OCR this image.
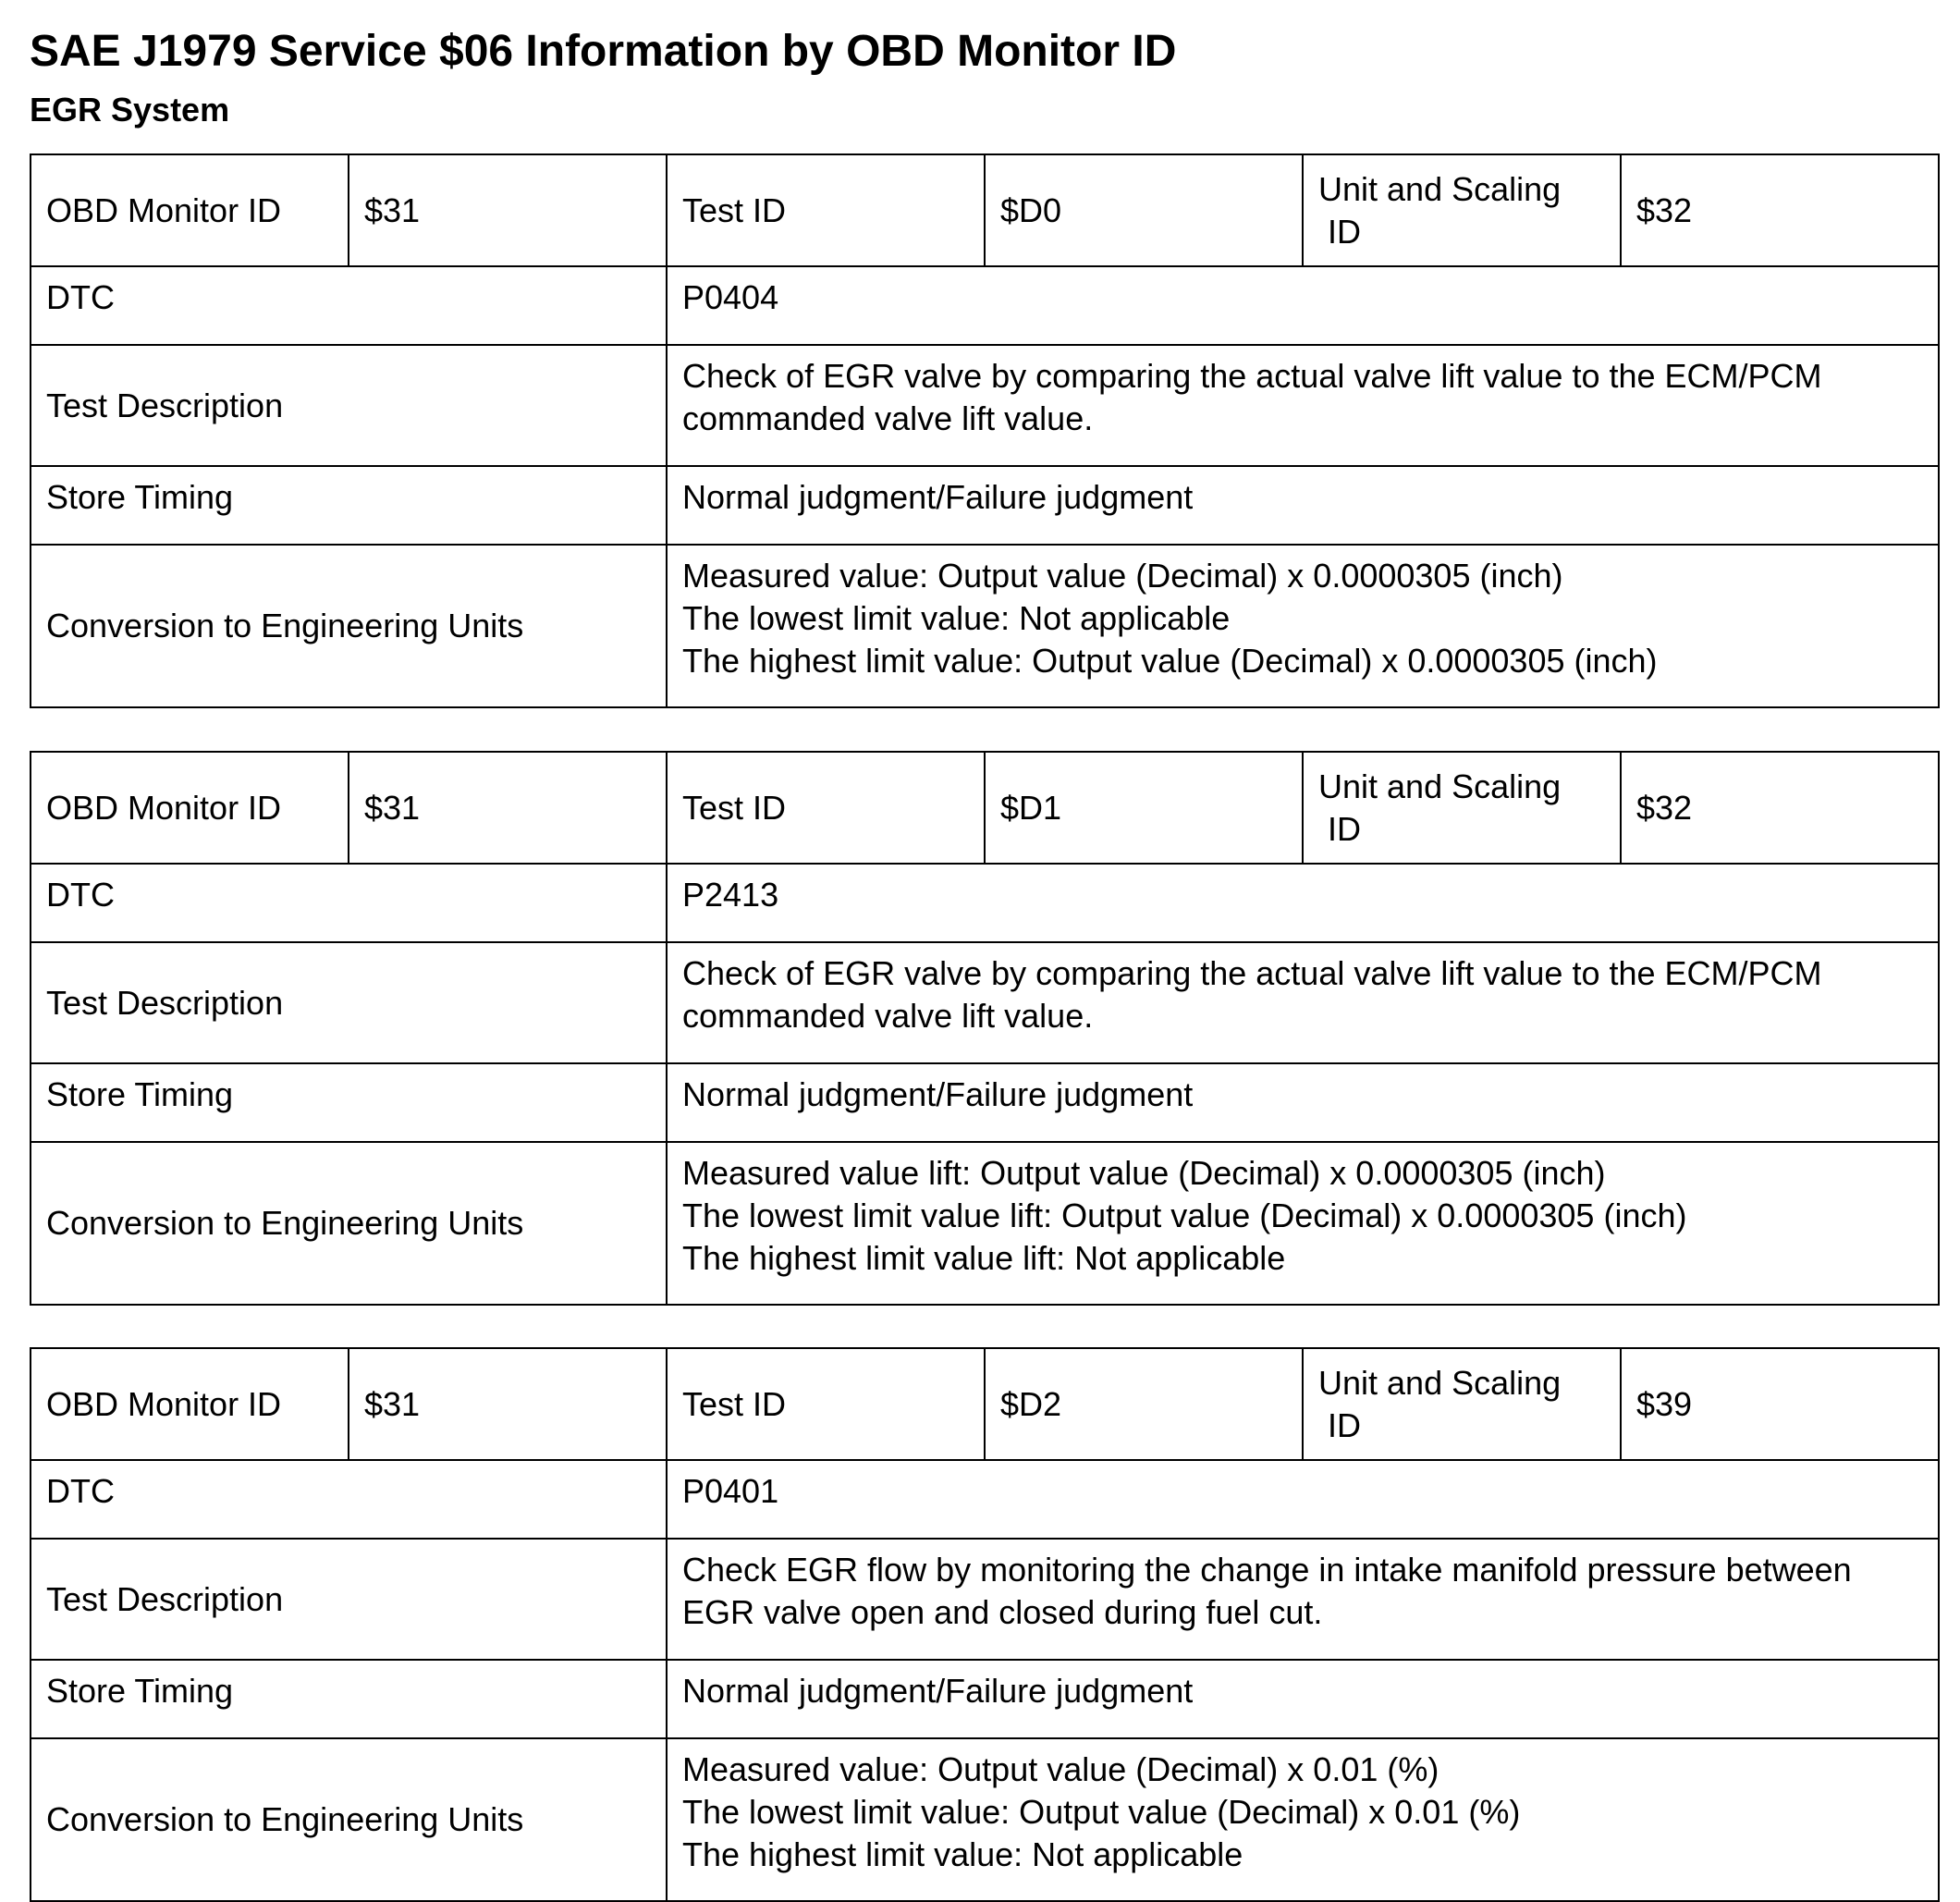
SAE J1979 Service $06 Information by OBD Monitor ID
EGR System
OBD Monitor ID	$31	Test ID	$D0	Unit and Scaling
ID	$32
DTC		P0404			
Test Description		Check of EGR valve by comparing the actual valve lift value to the ECM/PCM
commanded valve lift value.			

Store Timing		Normal judgment/Failure judgment			
Conversion to Engineering Units		Measured value: Output value (Decimal) x 0.0000305 (inch)
The lowest limit value: Not applicable
The highest limit value: Output value (Decimal) x 0.0000305 (inch)			
OBD Monitor ID	$31	Test ID	$D1	Unit and Scaling
ID	$32
DTC		P2413			
Test Description		Check of EGR valve by comparing the actual valve lift value to the ECM/PCM
commanded valve lift value.			

Store Timing		Normal judgment/Failure judgment			
Conversion to Engineering Units		Measured value lift: Output value (Decimal) x 0.0000305 (inch)
The lowest limit value lift: Output value (Decimal) x 0.0000305 (inch)
The highest limit value lift: Not applicable			
OBD Monitor ID	$31	Test ID	$D2	Unit and Scaling
ID	$39
DTC		P0401			
Test Description		Check EGR flow by monitoring the change in intake manifold pressure between
EGR valve open and closed during fuel cut.			

Store Timing		Normal judgment/Failure judgment			
Conversion to Engineering Units		Measured value: Output value (Decimal) x 0.01 (%)
The lowest limit value: Output value (Decimal) x 0.01 (%)
The highest limit value: Not applicable			
